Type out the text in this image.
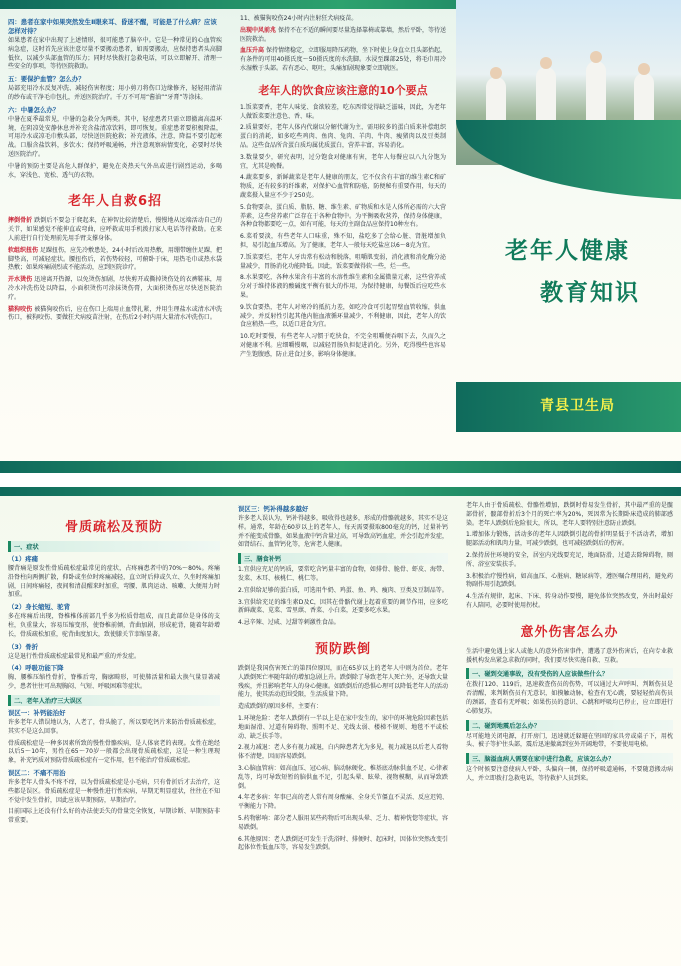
四：患者在家中如果突然发生Ⅱ眼来耳、昏迷不醒，可能是了什么病？应该怎样对待？

如果患者在家中出现了上述情形，很可能患了脑卒中。它是一种常见的心血管疾病急症，这时首先应该注意尽量不要搬动患者，如需要搬动，应保持患者头高脚低位，以减少头部血管的压力；同时尽快拨打急救电话，可以立即解开、清理一些安全的事项，等待医院救助。

五：要保护血管？怎么办？

局部充用冷水反复冲洗、减轻伤害程度；用小剪刀将伤口边缘修齐，轻轻用清洁的纱布或干净毛巾包扎，并送医院治疗。千万不可用“酱油”“牙膏”等涂抹。

六：中暑怎么办？

中暑在夏季最常见，中暑的急救分为两类。其中，轻症患者只需立即撤离高温环境，在阴凉处安静休息并补充含盐清凉饮料，即可恢复。重症患者要积极降温，可用冷水或凉毛巾敷头部，尽快送医院抢救；补充液体，注意，降温不要引起寒战。口服含盐饮料，多饮水；保持呼吸通畅，并注意观察病情变化，必要时尽快送医院治疗。

中暑的预防主要是高危人群保护，避免在炎热天气外出或进行剧烈运动，多喝水，穿浅色、宽松、透气的衣物。

老年人自救6招

摔倒骨折 跌倒后不要急于爬起来，在神智比较清楚后，慢慢地从远端活动自己的关节，如果感觉不能伸直或弯曲，应呼救或用手机拨打家人电话等待救助。在来人前进行自行处理前先用手臂支撑身体。

软组织扭伤 足踝扭伤，应先冷敷患处，24小时后改用热敷，用绷带缠住足踝，把脚垫高，可减轻症状。腰扭伤后，若伤势较轻，可俯卧于床，用热毛巾或热水袋热敷；如果疼痛剧烈或不能活动，应到医院诊疗。

开水烫伤 迅速离开热源，以免烫伤加剧，尽快剪开或撕掉烫伤处的衣裤鞋袜，用冷水冲洗伤处以降温，小面积烫伤可涂抹烫伤膏，大面积烫伤应尽快送医院治疗。

猫狗咬伤 被猫狗咬伤后，应在伤口上端用止血带扎紧，并用生理盐水或清水冲洗伤口，被狗咬伤、要做狂犬病疫苗注射，在伤后2小时内用大量清水冲洗伤口。

11、被猫狗咬伤24小时内注射狂犬病疫苗。

出现中风前兆 保持不在不适的瞬间要尽量选择靠椅或靠墙，然后平卧，等待送医院救治。

血压升高 保持情绪稳定，立即服用降压药物，坐下时使上身直立且头部抬起，有条件的可用40摄氏度～50摄氏度的水洗脚。水浸至踝部25处，将毛巾用冷水湿敷于头部。若有恶心、呕吐，头痛加剧现象要立即就医。

老年人的饮食应该注意的10个要点

1.饭菜要香，老年人味觉、食欲较差，吃东西常觉得缺乏滋味，因此，为老年人做饭菜要注意色、香、味。

2.质量要好，老年人体内代谢以分解代谢为主，需用较多的蛋白质来补偿组织蛋白的消耗，如多吃些鸡肉、鱼肉、兔肉、羊肉、牛肉、瘦猪肉以及豆类制品。这些食品所含蛋白质均属优质蛋白，营养丰富，容易消化。

3.数量要少，研究表明，过分饱食对健康有害，老年人每餐应以八九分饱为宜，尤其是晚餐。

4.蔬菜要多，新鲜蔬菜是老年人健康的朋友，它不仅含有丰富的维生素C和矿物质，还有较多的纤维素，对保护心血管和防癌，防便秘有重要作用，每天的蔬菜摄入量应不少于250克。

5.食物要杂，蛋白质、脂肪、糖、维生素、矿物质和水是人体所必需的六大营养素，这些营养素广泛存在于各种食物中。为平衡吸收营养，保持身体健康，各种食物都要吃一点，如有可能，每天的主副食品应保持10种左右。

6.菜肴要淡，有些老年人口味重，殊不知，盐吃多了会给心脏、肾脏增加负担，易引起血压增高。为了健康，老年人一般每天吃盐应以6～8克为宜。

7.饭菜要烂，老年人牙齿常有松动和脱落，咀嚼肌变弱，消化液和消化酶分泌量减少，胃肠消化功能降低。因此，饭菜要做得软一些，烂一些。

8.水果要吃，各种水果含有丰富的水溶性维生素和金属微量元素，这些营养成分对于维持体液的酸碱度平衡有很大的作用，为保持健康，每餐饭后应吃些水果。

9.饮食要热，老年人对寒冷的抵抗力差，如吃冷食可引起胃壁血管收缩，供血减少，并反射性引起其他内脏血液循环量减少，不利健康，因此，老年人的饮食应稍热一些，以适口进食为宜。

10.吃时要慢，有些老年人习惯于吃快食，不完全咀嚼便吞咽下去，久而久之对健康不利。应细嚼慢咽，以减轻胃肠负担促进消化。另外，吃得慢些也容易产生饱腹感，防止进食过多，影响身体健康。

老年人健康
教育知识
青县卫生局
骨质疏松及预防
一、症状

（1）疼痛

腰背痛是原发性骨质疏松症最常见的症状，占疼痛患者中的70%～80%。疼痛沿脊柱向两侧扩散，仰卧或坐位时疼痛减轻，直立时后伸或久立、久坐时疼痛加剧，日间疼痛轻，夜间和清晨醒来时加重，弯腰、肌肉运动、咳嗽、大便用力时加重。

（2）身长缩短、驼背

多在疼痛后出现，脊椎椎体前部几乎多为松质骨组成，而且此部位是身体的支柱，负重量大，容易压缩变形，使脊椎前倾，背曲加剧，形成驼背，随着年龄增长，骨质疏松加重，驼背曲度加大，致使膝关节挛缩显著。

（3）骨折

这是退行性骨质疏松症最常见和最严重的并发症。

（4）呼吸功能下降

胸、腰椎压缩性骨折，脊椎后弯，胸廓畸形，可使肺活量和最大换气量显著减少，患者往往可出现胸闷、气短、呼吸困难等症状。

二、老年人治疗三大误区

误区一：补钙能治好

许多老年人错误地认为，人老了，骨头脆了，所以要吃钙片来防治骨质疏松症，其实不是这么回事。

骨质疏松症是一种多因素所致的慢性骨骼疾病，是人体衰老的表现。女性在绝经以后5～10年，男性在65～70岁一般都会出现骨质疏松症，这是一种生理现象，补充钙质对预防骨质疏松症有一定作用，但不能治疗骨质疏松症。

误区二：不痛不用治

许多老年人骨头不疼不痒，以为骨质疏松症是小毛病，只有骨折后才去治疗，这些都是误区。骨质疏松症是一种慢性进行性疾病，早期无明显症状，往往在不知不觉中发生骨折，因此应该早期预防，早期治疗。

目前国际上还没有什么好的办法使丢失的骨量完全恢复，早期诊断、早期预防非常重要。

误区三：钙补得越多越好

许多老人误认为，钙补得越多，吸收得也越多，形成的骨骼就越多，其实不是这样。通常，年龄在60岁以上的老年人，每天需要摄取800毫克的钙，过量补钙并不能变成骨骼，如果血液中钙含量过高，可导致高钙血症，并会引起并发症，如肾结石、血管钙化等，危害老人健康。

三、膳食补钙

1.宜供应充足的钙质，要常吃含钙量丰富的食物，如排骨、脆骨、虾皮、海带、发菜、木耳、核桃仁、桃仁等。

2.宜供给足够的蛋白质，可选用牛奶、鸡蛋、鱼、鸡、瘦肉、豆类及豆制品等。

3.宜供给充足的维生素D及C，因其在骨骼代谢上起着重要的调节作用，应多吃新鲜蔬菜、苋菜、雪里蕻、香菜、小白菜，还要多吃水果。

4.忌辛辣、过咸、过甜等刺激性食品。

预防跌倒

跌倒是我国伤害死亡的第四位原因，而在65岁以上的老年人中则为首位。老年人跌倒死亡率随年龄的增加急剧上升。跌倒除了导致老年人死亡外，还导致大量残疾，并且影响老年人的身心健康。如跌倒后的恐惧心理可以降低老年人的活动能力，使其活动范围受限，生活质量下降。

造成跌倒的原因多样，主要有：

1.环境危险：老年人跌倒有一半以上是在家中发生的，家中的环境危险因素包括地面湿滑、过道有障碍物、照明不足、光线太弱、楼梯不规则、地毯不平或松动、缺乏扶手等。

2.视力减退：老人多有视力减退，白内障患者尤为多见，视力减退以后老人看物体不清楚，因而容易跌倒。

3.心脑血管病：如高血压、冠心病、脑动脉硬化、椎基底动脉供血不足、心律紊乱等，均可导致短暂的脑供血不足，引起头晕、眩晕、视物模糊，从而导致跌倒。

4.年老多病：年事已高的老人常有周身酸痛、全身关节僵直不灵活、反应迟钝、平衡能力下降。

5.药物影响：部分老人服用某些药物后可出现头晕、乏力、精神恍惚等症状，容易跌倒。

6.其他原因：老人跌倒还可发生于洗浴时、排便时、起床时，因体位突然改变引起体位性低血压等，容易发生跌倒。

老年人由于骨质疏松、骨骼性增加，跌倒时骨易发生骨折，其中最严重的是髋部骨折，髋部骨折后3个月的死亡率为20%，死因常为长期卧床造成的肺部感染。老年人跌倒后危险很大，所以，老年人要特别注意防止跌倒。

1.增加体力锻炼，活动多的老年人因跌倒引起的骨折明显低于不活动者，增加腿部活动和肌肉力量，可减少跌倒，也可减轻跌倒后的伤害。

2.保持居住环境的安全，居室内光线要充足，地面防滑，过道去除障碍物，厕所、浴室安装扶手。

3.积极治疗慢性病，如高血压、心脏病、糖尿病等，遵医嘱合理用药，避免药物副作用引起跌倒。

4.生活有规律，起床、下床、转身动作要慢，避免体位突然改变，外出时最好有人陪同，必要时使用拐杖。

意外伤害怎么办

生活中避免遇上家人或他人的意外伤害事件，遭遇了意外伤害后，在向专业救援机构发出紧急求救的同时，我们要尽快实施自救、互救。

一、碰到交通事故，没有受伤的人应该做些什么？

在拨打120、119后，迅速救查伤员的伤势，可以通过大声呼叫、判断伤员是否清醒，来判断伤员有无意识，如摸触动脉，检查有无心跳，要轻轻抬高伤员的颈部，查看有无呼吸；如果伤员的意识、心跳和呼吸均已停止，应立即进行心肺复苏。

二、碰到地震后怎么办？

尽可能地关闭电源，打开房门，迅速就近躲避在坚固的家具旁或桌子下，用枕头、被子等护住头部，震后迅速撤离到室外开阔地带，不要使用电梯。

三、脑溢血病人需要在家中进行急救，应该怎么办？

这个时候要注意使病人平卧，头偏向一侧，保持呼吸道通畅，不要随意搬动病人，并立即拨打急救电话，等待救护人员到来。
